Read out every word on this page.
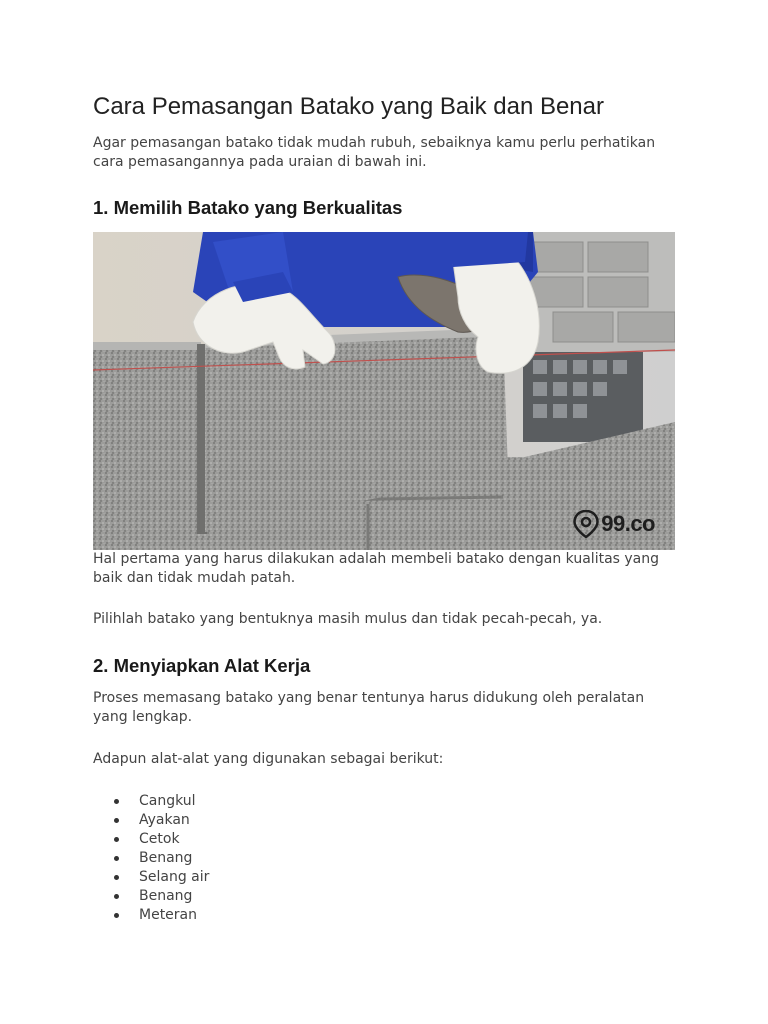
Cara Pemasangan Batako yang Baik dan Benar

Agar pemasangan batako tidak mudah rubuh, sebaiknya kamu perlu perhatikan cara pemasangannya pada uraian di bawah ini.

1. Memilih Batako yang Berkualitas
99.co

Hal pertama yang harus dilakukan adalah membeli batako dengan kualitas yang baik dan tidak mudah patah.

Pilihlah batako yang bentuknya masih mulus dan tidak pecah-pecah, ya.

2. Menyiapkan Alat Kerja

Proses memasang batako yang benar tentunya harus didukung oleh peralatan yang lengkap.

Adapun alat-alat yang digunakan sebagai berikut:

Cangkul
Ayakan
Cetok
Benang
Selang air
Benang
Meteran
